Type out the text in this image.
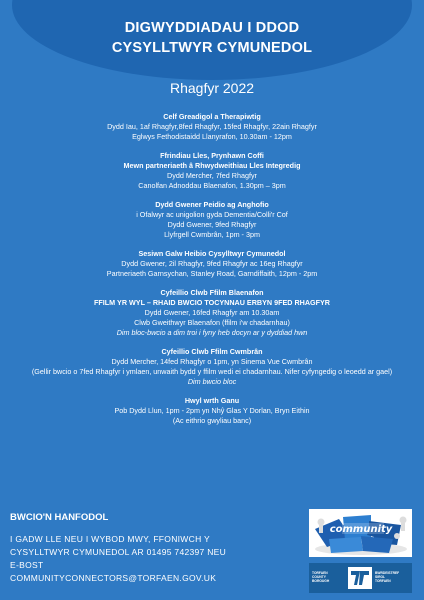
DIGWYDDIADAU I DDOD
CYSYLLTWYR CYMUNEDOL
Rhagfyr 2022
Celf Greadigol a Therapiwtig
Dydd Iau, 1af Rhagfyr,8fed Rhagfyr, 15fed Rhagfyr, 22ain Rhagfyr
Eglwys Fethodistaidd Llanyrafon, 10.30am - 12pm
Ffrindiau Lles, Prynhawn Coffi
Mewn partneriaeth â Rhwydweithiau Lles Integredig
Dydd Mercher, 7fed Rhagfyr
Canolfan Adnoddau Blaenafon, 1.30pm – 3pm
Dydd Gwener Peidio ag Anghofio
i Ofalwyr ac unigolion gyda Dementia/Colli'r Cof
Dydd Gwener, 9fed Rhagfyr
Llyfrgell Cwmbrân, 1pm - 3pm
Sesiwn Galw Heibio Cysylltwyr Cymunedol
Dydd Gwener, 2il Rhagfyr, 9fed Rhagfyr ac 16eg Rhagfyr
Partneriaeth Garnsychan, Stanley Road, Garndiffaith, 12pm - 2pm
Cyfeillio Clwb Ffilm Blaenafon
FFILM YR WYL – RHAID BWCIO TOCYNNAU ERBYN 9FED RHAGFYR
Dydd Gwener, 16fed Rhagfyr am 10.30am
Clwb Gweithwyr Blaenafon (ffilm i'w chadarnhau)
Dim bloc-bwcio a dim troi i fyny heb docyn ar y dyddiad hwn
Cyfeillio Clwb Ffilm Cwmbrân
Dydd Mercher, 14fed Rhagfyr o 1pm, yn Sinema Vue Cwmbrân
(Gellir bwcio o 7fed Rhagfyr i ymlaen, unwaith bydd y ffilm wedi ei chadarnhau. Nifer cyfyngedig o leoedd ar gael)
Dim bwcio bloc
Hwyl wrth Ganu
Pob Dydd Llun, 1pm - 2pm yn Nhŷ Glas Y Dorlan, Bryn Eithin
(Ac eithrio gwyliau banc)
BWCIO'N HANFODOL
I GADW LLE NEU I WYBOD MWY, FFONIWCH Y
CYSYLLTWYR CYMUNEDOL AR 01495 742397 NEU
E-BOST
COMMUNITYCONNECTORS@TORFAEN.GOV.UK
community
TORFAEN
COUNTY
BOROUGH
BWRDEISTREF
SIROL
TORFAEN
